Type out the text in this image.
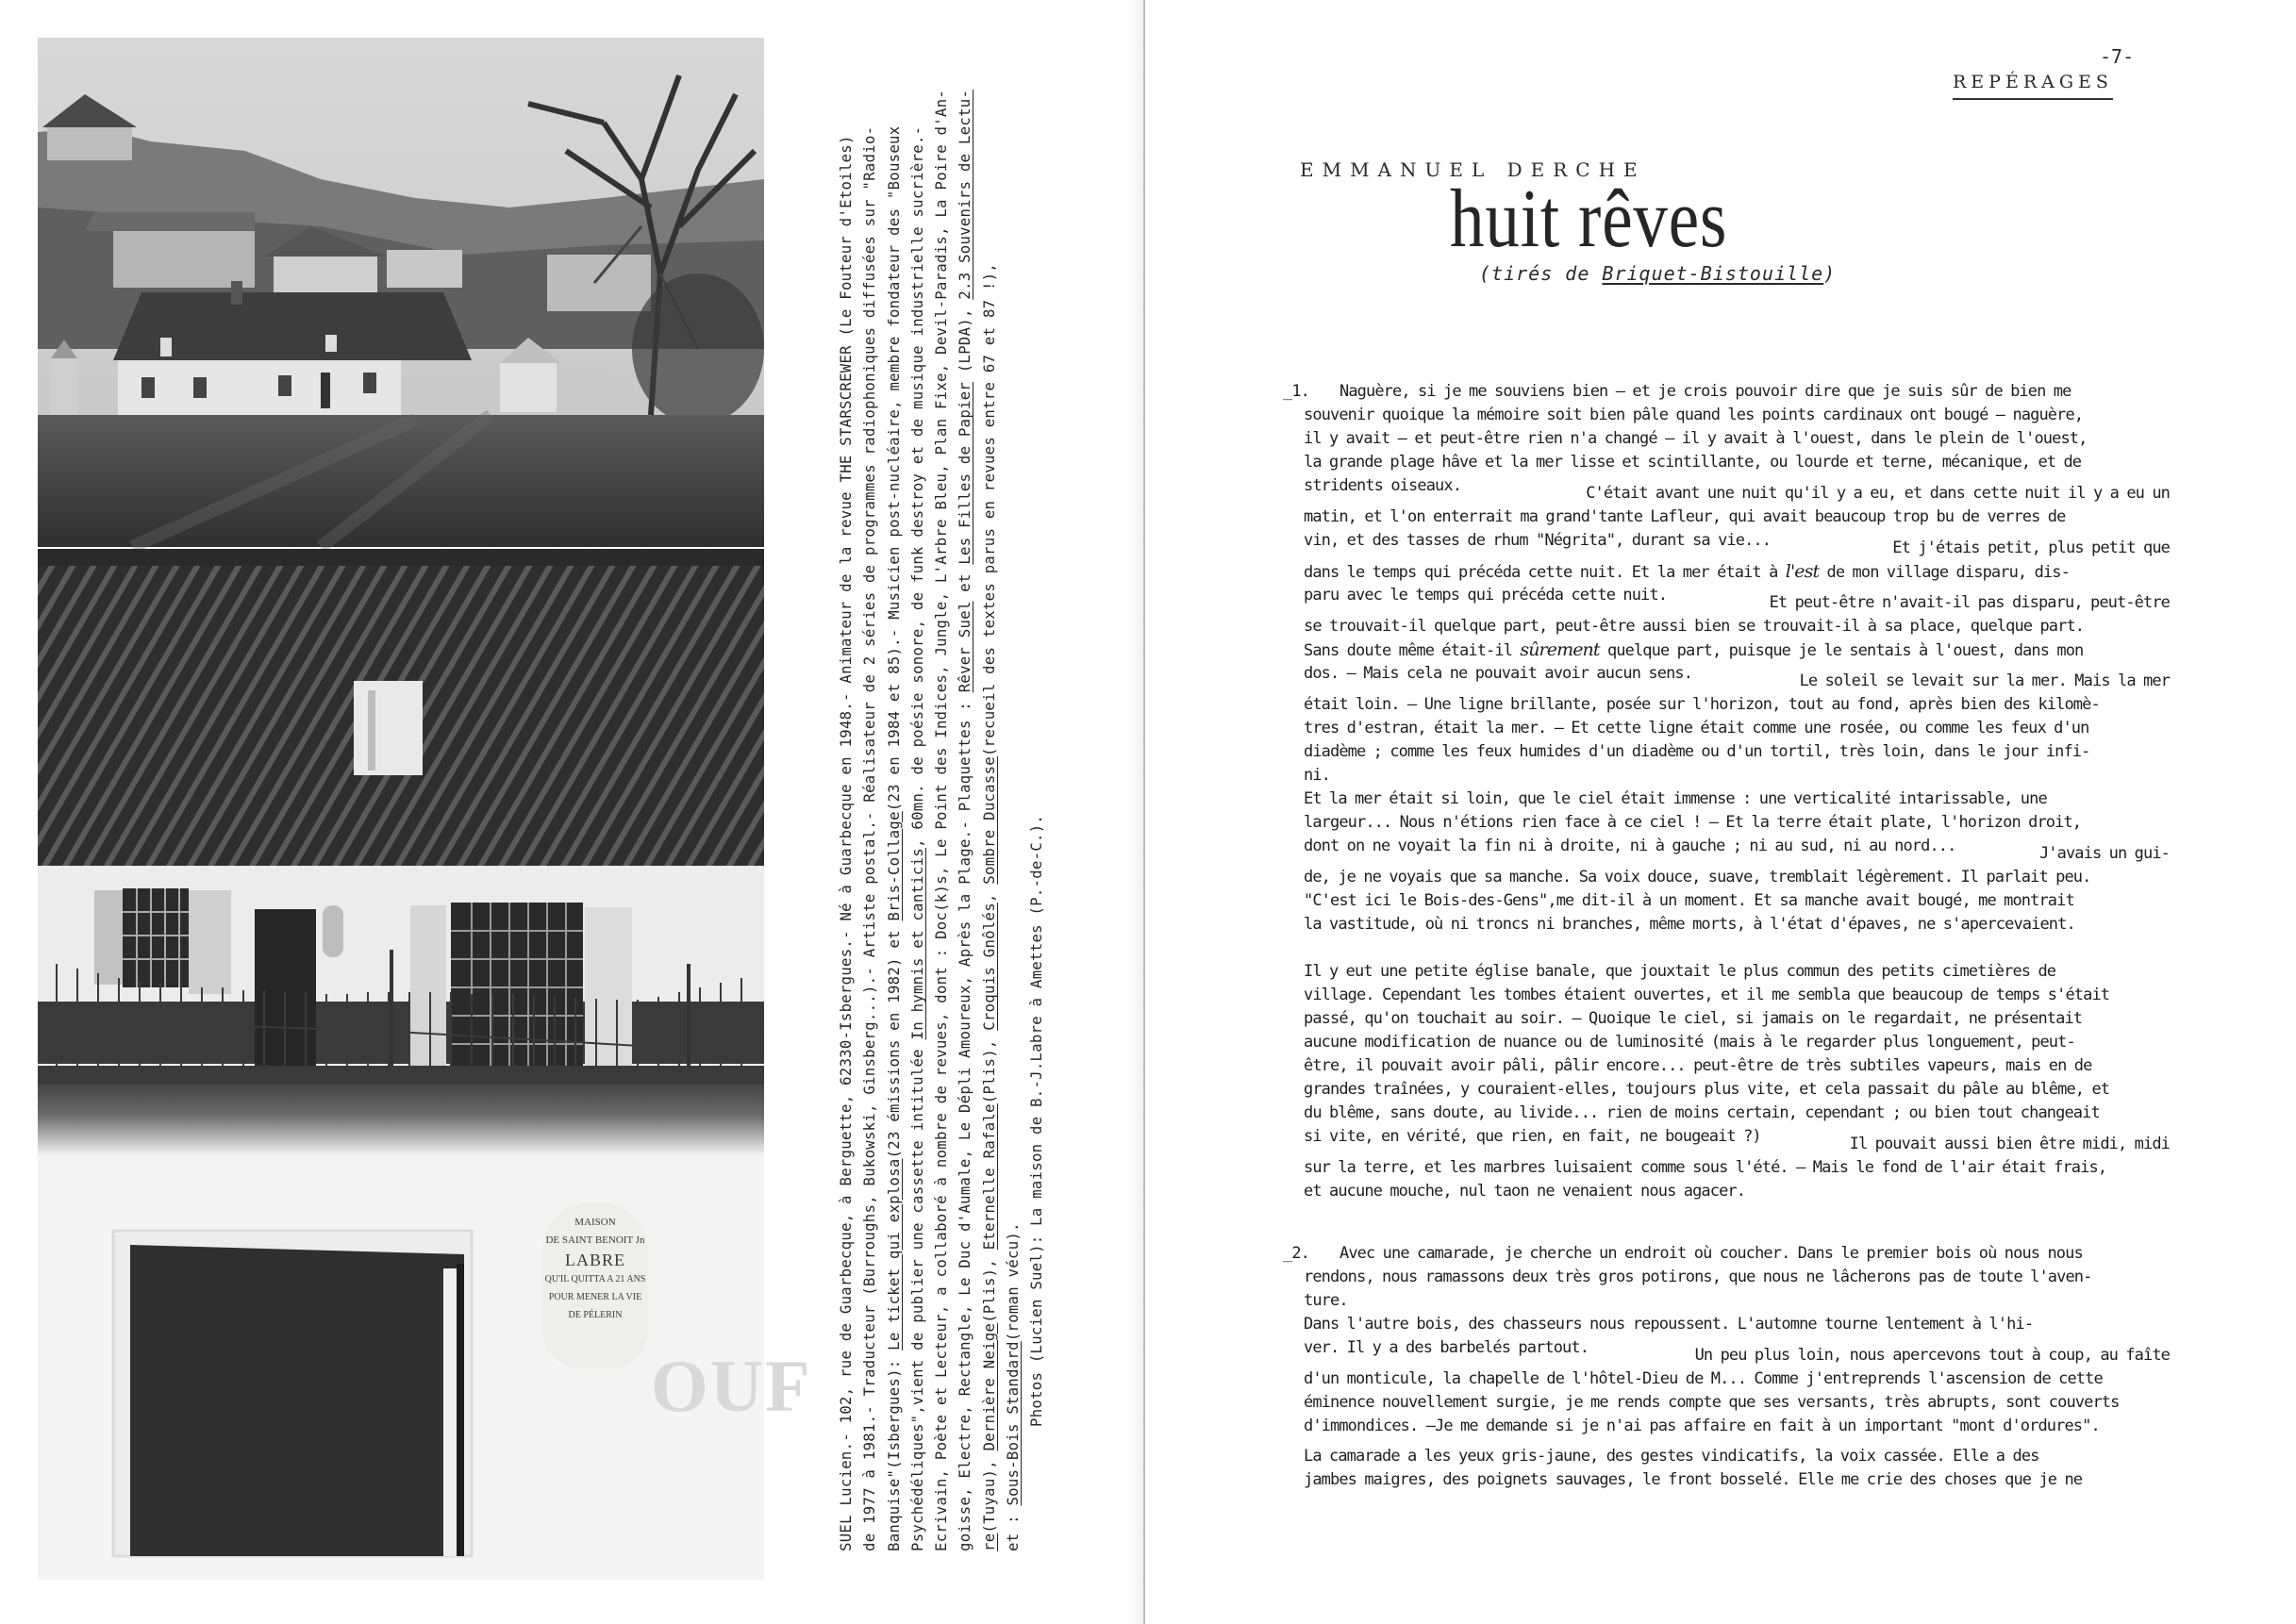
OUF
MAISON
DE SAINT BENOIT Jn
LABRE
QU'IL QUITTA A 21 ANS
POUR MENER LA VIE
DE PÉLERIN	SUEL Lucien.- 102, rue de Guarbecque, à Berguette, 62330-Isbergues.- Né à Guarbecque en 1948.- Animateur de la revue THE STARSCREWER (Le Fouteur d'Etoiles) de 1977 à 1981.- Traducteur (Burroughs, Bukowski, Ginsberg...).- Artiste postal.- Réalisateur de 2 séries de programmes radiophoniques diffusées sur "Radio- Banquise"(Isbergues): Le ticket qui explosa(23 émissions en 1982) et Bris-Collage(23 en 1984 et 85).- Musicien post-nucléaire, membre fondateur des "Bouseux
Psychédéliques",vient de publier une cassette intitulée In hymnis et canticis, 60mn. de poésie sonore, de funk destroy et de musique industrielle sucrière.- Ecrivain, Poète et Lecteur, a collaboré à nombre de revues, dont : Doc(k)s, Le Point des Indices, Jungle, L'Arbre Bleu, Plan Fixe, Devil-Paradis, La Poire d'An- goisse, Electre, Rectangle, Le Duc d'Aumale, Le Dépli Amoureux, Après la Plage.- Plaquettes : Rêver Suel et Les Filles de Papier (LPDA), 2.3 Souvenirs de Lectu-
re(Tuyau), Dernière Neige(Plis), Eternelle Rafale(Plis), Croquis Gnôlés, Sombre Ducasse(recueil des textes parus en revues entre 67 et 87 !),
et : Sous-Bois Standard(roman vécu). Photos (Lucien Suel): La maison de B.-J.Labre à Amettes (P.-de-C.).
-7-
REPÉRAGES
EMMANUEL DERCHE
huit rêves
(tirés de Briquet-Bistouille)
_1. Naguère, si je me souviens bien – et je crois pouvoir dire que je suis sûr de bien me
souvenir quoique la mémoire soit bien pâle quand les points cardinaux ont bougé – naguère,
il y avait – et peut-être rien n'a changé – il y avait à l'ouest, dans le plein de l'ouest,
la grande plage hâve et la mer lisse et scintillante, ou lourde et terne, mécanique, et de
stridents oiseaux.	C'était avant une nuit qu'il y a eu, et dans cette nuit il y a eu un
matin, et l'on enterrait ma grand'tante Lafleur, qui avait beaucoup trop bu de verres de
vin, et des tasses de rhum "Négrita", durant sa vie...	Et j'étais petit, plus petit que
dans le temps qui précéda cette nuit. Et la mer était à l'est de mon village disparu, dis-
paru avec le temps qui précéda cette nuit.	Et peut-être n'avait-il pas disparu, peut-être
se trouvait-il quelque part, peut-être aussi bien se trouvait-il à sa place, quelque part.
Sans doute même était-il sûrement quelque part, puisque je le sentais à l'ouest, dans mon
dos. – Mais cela ne pouvait avoir aucun sens.	Le soleil se levait sur la mer. Mais la mer
était loin. – Une ligne brillante, posée sur l'horizon, tout au fond, après bien des kilomè-
tres d'estran, était la mer. – Et cette ligne était comme une rosée, ou comme les feux d'un
diadème ; comme les feux humides d'un diadème ou d'un tortil, très loin, dans le jour infi-
ni.
Et la mer était si loin, que le ciel était immense : une verticalité intarissable, une
largeur... Nous n'étions rien face à ce ciel ! – Et la terre était plate, l'horizon droit,
dont on ne voyait la fin ni à droite, ni à gauche ; ni au sud, ni au nord...	J'avais un gui-
de, je ne voyais que sa manche. Sa voix douce, suave, tremblait légèrement. Il parlait peu.
"C'est ici le Bois-des-Gens",me dit-il à un moment. Et sa manche avait bougé, me montrait
la vastitude, où ni troncs ni branches, même morts, à l'état d'épaves, ne s'apercevaient.
Il y eut une petite église banale, que jouxtait le plus commun des petits cimetières de
village. Cependant les tombes étaient ouvertes, et il me sembla que beaucoup de temps s'était
passé, qu'on touchait au soir. – Quoique le ciel, si jamais on le regardait, ne présentait
aucune modification de nuance ou de luminosité (mais à le regarder plus longuement, peut-
être, il pouvait avoir pâli, pâlir encore... peut-être de très subtiles vapeurs, mais en de
grandes traînées, y couraient-elles, toujours plus vite, et cela passait du pâle au blême, et
du blême, sans doute, au livide... rien de moins certain, cependant ; ou bien tout changeait
si vite, en vérité, que rien, en fait, ne bougeait ?)	Il pouvait aussi bien être midi, midi
sur la terre, et les marbres luisaient comme sous l'été. – Mais le fond de l'air était frais,
et aucune mouche, nul taon ne venaient nous agacer.
_2. Avec une camarade, je cherche un endroit où coucher. Dans le premier bois où nous nous
rendons, nous ramassons deux très gros potirons, que nous ne lâcherons pas de toute l'aven-
ture.
Dans l'autre bois, des chasseurs nous repoussent. L'automne tourne lentement à l'hi-
ver. Il y a des barbelés partout.	Un peu plus loin, nous apercevons tout à coup, au faîte
d'un monticule, la chapelle de l'hôtel-Dieu de M... Comme j'entreprends l'ascension de cette
éminence nouvellement surgie, je me rends compte que ses versants, très abrupts, sont couverts
d'immondices. –Je me demande si je n'ai pas affaire en fait à un important "mont d'ordures".
La camarade a les yeux gris-jaune, des gestes vindicatifs, la voix cassée. Elle a des
jambes maigres, des poignets sauvages, le front bosselé. Elle me crie des choses que je ne
